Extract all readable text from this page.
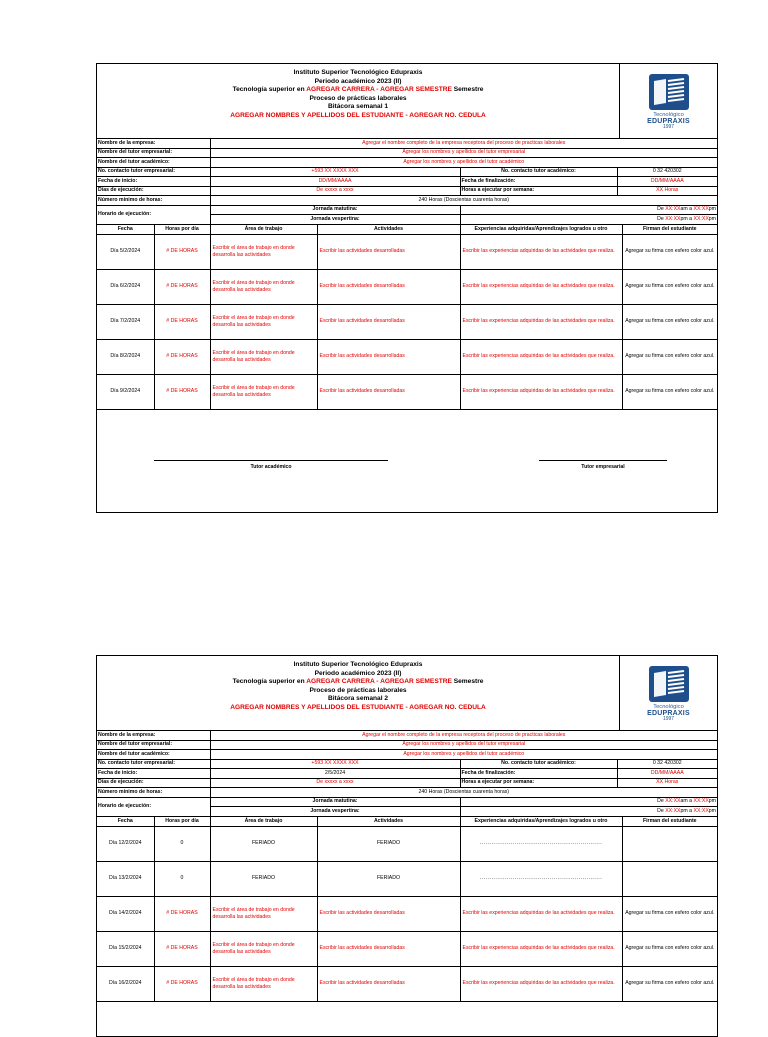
Instituto Superior Tecnológico Edupraxis
Periodo académico 2023 (II)
Tecnología superior en AGREGAR CARRERA - AGREGAR SEMESTRE Semestre
Proceso de prácticas laborales
Bitácora semanal 1
AGREGAR NOMBRES Y APELLIDOS DEL ESTUDIANTE - AGREGAR NO. CEDULA	Tecnológico
EDUPRAXIS
1997
Nombre de la empresa:	Agregar el nombre completo de la empresa receptora del proceso de practicas laborales		
Nombre del tutor empresarial:	Agregar los nombres y apellidos del tutor empresarial		
Nombre del tutor académico:	Agregar los nombres y apellidos del tutor académico		
No. contacto tutor empresarial:	+593 XX XXXX XXX	No. contacto tutor académico:	0 32 420302
Fecha de inicio:	DD/MM/AAAA	Fecha de finalización:	DD/MM/AAAA
Días de ejecución:	De xxxxx a xxxx	Horas a ejecutar por semana:	XX Horas
Número mínimo de horas:	240 Horas (Doscientas cuarenta horas)		
Horario de ejecución:	Jornada matutina:	De XX:XXam a XX:XXpm	
	Jornada vespertina:	De XX:XXpm a XX:XXpm	
Fecha	Horas por día	Área de trabajo	Actividades	Experiencias adquiridas/Aprendizajes logrados u otro	Firman del estudiante
Día 5/2/2024	# DE HORAS	Escribir el área de trabajo en donde desarrolla las actividades	Escribir las actividades desarrolladas	Escribir las experiencias adquiridas de las actividades que realiza.	Agregar su firma con esfero color azul.
Día 6/2/2024	# DE HORAS	Escribir el área de trabajo en donde desarrolla las actividades	Escribir las actividades desarrolladas	Escribir las experiencias adquiridas de las actividades que realiza.	Agregar su firma con esfero color azul.
Día 7/2/2024	# DE HORAS	Escribir el área de trabajo en donde desarrolla las actividades	Escribir las actividades desarrolladas	Escribir las experiencias adquiridas de las actividades que realiza.	Agregar su firma con esfero color azul.
Día 8/2/2024	# DE HORAS	Escribir el área de trabajo en donde desarrolla las actividades	Escribir las actividades desarrolladas	Escribir las experiencias adquiridas de las actividades que realiza.	Agregar su firma con esfero color azul.
Día 9/2/2024	# DE HORAS	Escribir el área de trabajo en donde desarrolla las actividades	Escribir las actividades desarrolladas	Escribir las experiencias adquiridas de las actividades que realiza.	Agregar su firma con esfero color azul.
Tutor académico	Tutor empresarial
Instituto Superior Tecnológico Edupraxis
Periodo académico 2023 (II)
Tecnología superior en AGREGAR CARRERA - AGREGAR SEMESTRE Semestre
Proceso de prácticas laborales
Bitácora semanal 2
AGREGAR NOMBRES Y APELLIDOS DEL ESTUDIANTE - AGREGAR NO. CEDULA	Tecnológico
EDUPRAXIS
1997
Nombre de la empresa:	Agregar el nombre completo de la empresa receptora del proceso de practicas laborales		
Nombre del tutor empresarial:	Agregar los nombres y apellidos del tutor empresarial		
Nombre del tutor académico:	Agregar los nombres y apellidos del tutor académico		
No. contacto tutor empresarial:	+593 XX XXXX XXX	No. contacto tutor académico:	0 32 420302
Fecha de inicio:	2/5/2024	Fecha de finalización:	DD/MM/AAAA
Días de ejecución:	De xxxxx a xxxx	Horas a ejecutar por semana:	XX Horas
Número mínimo de horas:	240 Horas (Doscientas cuarenta horas)		
Horario de ejecución:	Jornada matutina:	De XX:XXam a XX:XXpm	
	Jornada vespertina:	De XX:XXpm a XX:XXpm	
Fecha	Horas por día	Área de trabajo	Actividades	Experiencias adquiridas/Aprendizajes logrados u otro	Firman del estudiante
Día 12/2/2024	0	FERIADO	FERIADO	...............................................................	
Día 13/2/2024	0	FERIADO	FERIADO	...............................................................	
Día 14/2/2024	# DE HORAS	Escribir el área de trabajo en donde desarrolla las actividades	Escribir las actividades desarrolladas	Escribir las experiencias adquiridas de las actividades que realiza.	Agregar su firma con esfero color azul.
Día 15/2/2024	# DE HORAS	Escribir el área de trabajo en donde desarrolla las actividades	Escribir las actividades desarrolladas	Escribir las experiencias adquiridas de las actividades que realiza.	Agregar su firma con esfero color azul.
Día 16/2/2024	# DE HORAS	Escribir el área de trabajo en donde desarrolla las actividades	Escribir las actividades desarrolladas	Escribir las experiencias adquiridas de las actividades que realiza.	Agregar su firma con esfero color azul.
